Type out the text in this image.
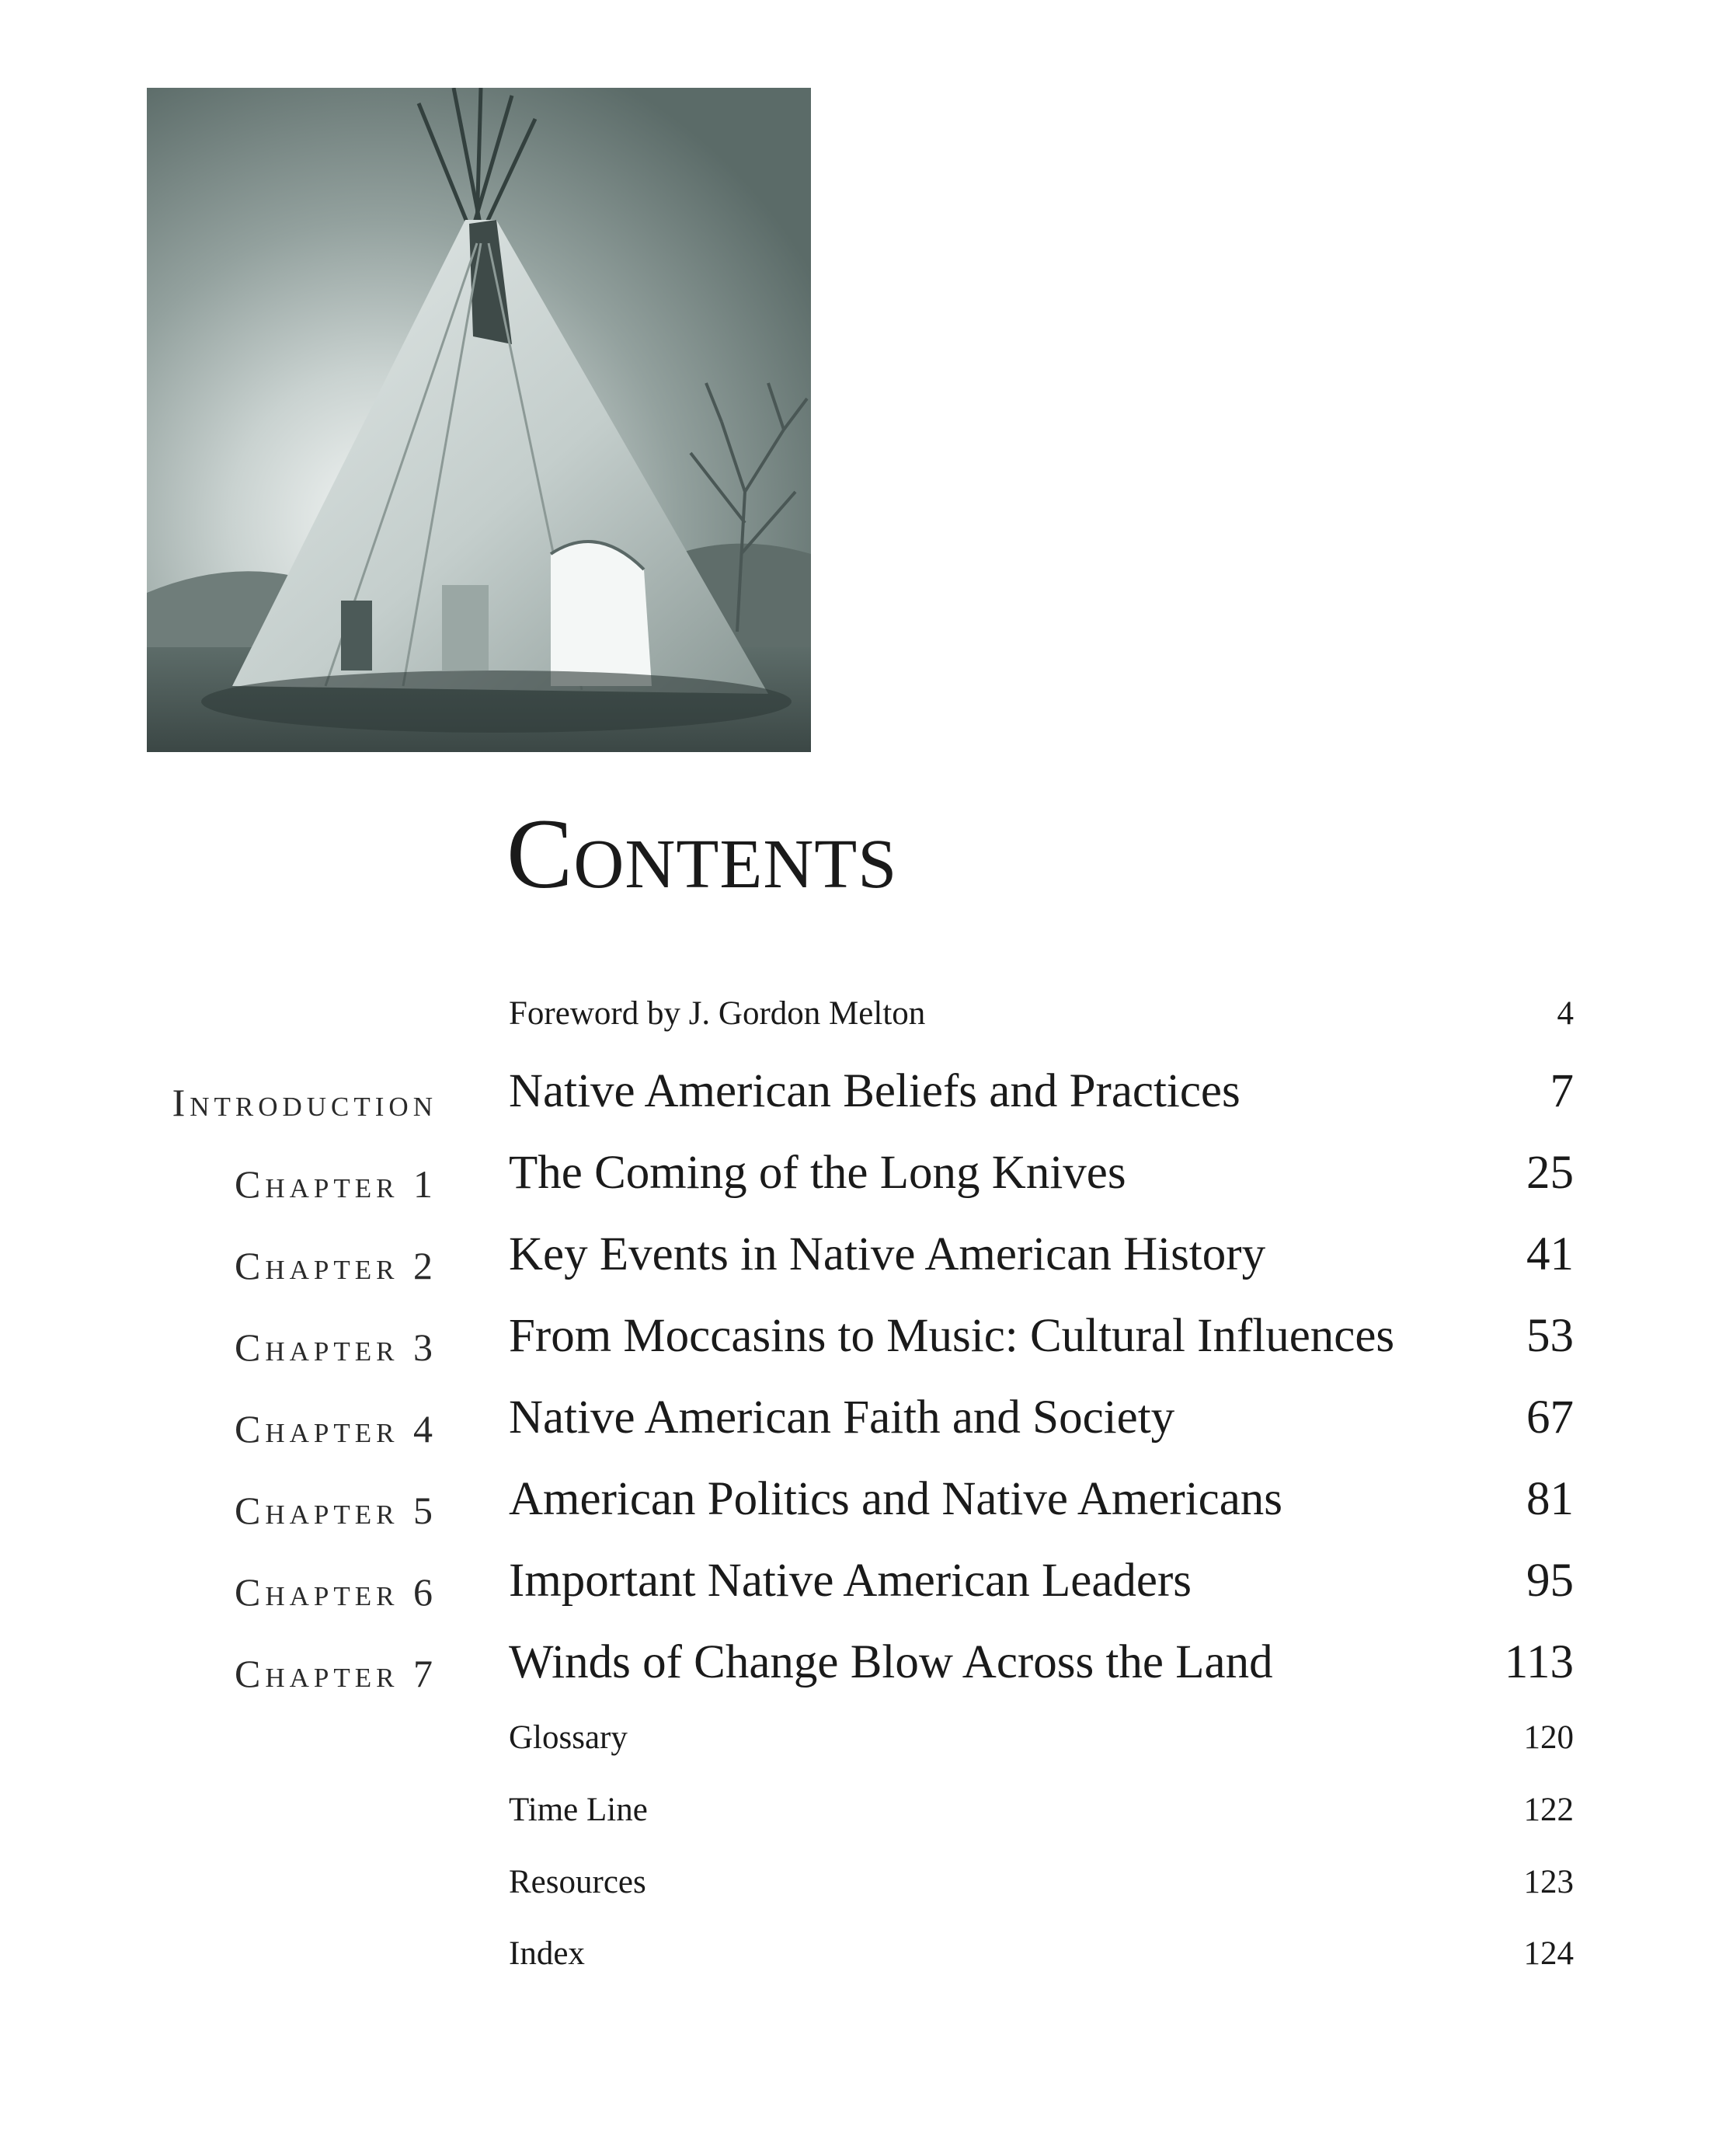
Contents
Foreword by J. Gordon Melton	4
Introduction Native American Beliefs and Practices	7
Chapter 1 The Coming of the Long Knives	25
Chapter 2 Key Events in Native American History	41
Chapter 3 From Moccasins to Music: Cultural Influences	53
Chapter 4 Native American Faith and Society	67
Chapter 5 American Politics and Native Americans	81
Chapter 6 Important Native American Leaders	95
Chapter 7 Winds of Change Blow Across the Land	113
Glossary	120
Time Line	122
Resources	123
Index	124
